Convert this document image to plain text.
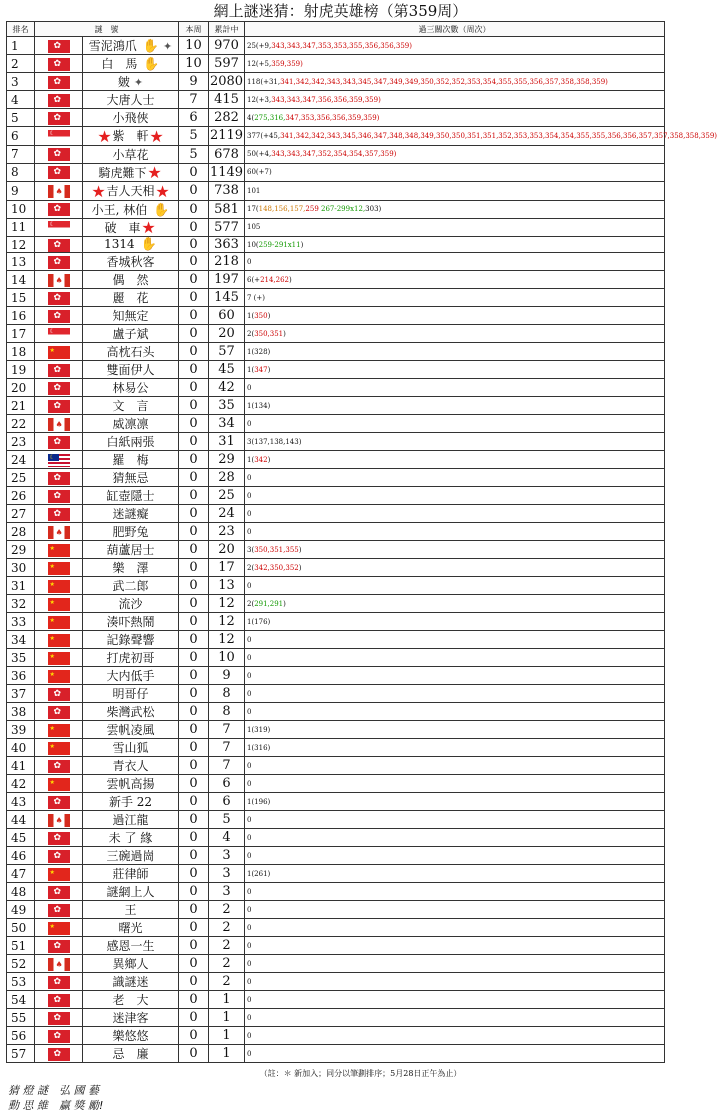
網上謎迷猜：射虎英雄榜（第359周）
排名	謎　號		本周	累計中	過三關次數（周次）
1	✿	雪泥鴻爪 ✋ ✦	10	970	25(+9,343,343,347,353,353,355,356,356,359)
2	✿	白　馬 ✋	10	597	12(+5,359,359)
3	✿	皴 ✦	9	2080	118(+31,341,342,342,343,343,345,347,349,349,350,352,352,353,354,355,355,356,357,358,358,359)
4	✿	大唐人士	7	415	12(+3,343,343,347,356,356,359,359)
5	✿	小飛俠	6	282	4(275,316,347,353,356,356,359,359)
6	☾	★紫　軒★	5	2119	377(+45,341,342,342,343,345,346,347,348,348,349,350,350,351,351,352,353,353,354,354,355,355,356,356,357,357,358,358,359)
7	✿	小草花	5	678	50(+4,343,343,347,352,354,354,357,359)
8	✿	騎虎難下★	0	1149	60(+7)
9	♠	★吉人天相★	0	738	101
10	✿	小王, 林伯 ✋	0	581	17(148,156,157,259 267-299x12,303)
11	☾	破　車★	0	577	105
12	✿	1314 ✋	0	363	10(259-291x11)
13	✿	香城秋客	0	218	0
14	♠	偶　然	0	197	6(+214,262)
15	✿	麗　花	0	145	7 (+)
16	✿	知無定	0	60	1(350)
17	☾	盧子斌	0	20	2(350,351)
18	★	高枕石头	0	57	1(328)
19	✿	雙面伊人	0	45	1(347)
20	✿	林易公	0	42	0
21	✿	文　言	0	35	1(134)
22	♠	威凛凛	0	34	0
23	✿	白紙兩張	0	31	3(137,138,143)
24	☾	羅　梅	0	29	1(342)
25	✿	猜無忌	0	28	0
26	✿	缸壺隱士	0	25	0
27	✿	迷謎癡	0	24	0
28	♠	肥野兔	0	23	0
29	★	葫蘆居士	0	20	3(350,351,355)
30	★	樂　澤	0	17	2(342,350,352)
31	★	武二郎	0	13	0
32	★	流沙	0	12	2(291,291)
33	★	湊吓熱鬧	0	12	1(176)
34	★	記錄聲響	0	12	0
35	★	打虎初哥	0	10	0
36	★	大内低手	0	9	0
37	✿	明哥仔	0	8	0
38	✿	柴灣武松	0	8	0
39	★	雲帆凌風	0	7	1(319)
40	★	雪山狐	0	7	1(316)
41	✿	青衣人	0	7	0
42	★	雲帆高揚	0	6	0
43	✿	新手 22	0	6	1(196)
44	♠	過江龍	0	5	0
45	✿	未 了 緣	0	4	0
46	✿	三碗過崗	0	3	0
47	★	莊律師	0	3	1(261)
48	✿	謎網上人	0	3	0
49	✿	王	0	2	0
50	★	曙光	0	2	0
51	✿	感恩一生	0	2	0
52	♠	異鄉人	0	2	0
53	✿	識謎迷	0	2	0
54	✿	老　大	0	1	0
55	✿	迷津客	0	1	0
56	✿	樂悠悠	0	1	0
57	✿	忌　廉	0	1	0
（註：＊ 新加入；同分以筆劃排序；5月28日正午為止）
猜 燈 謎　弘 國 藝
動 思 維　贏 獎 勵!
